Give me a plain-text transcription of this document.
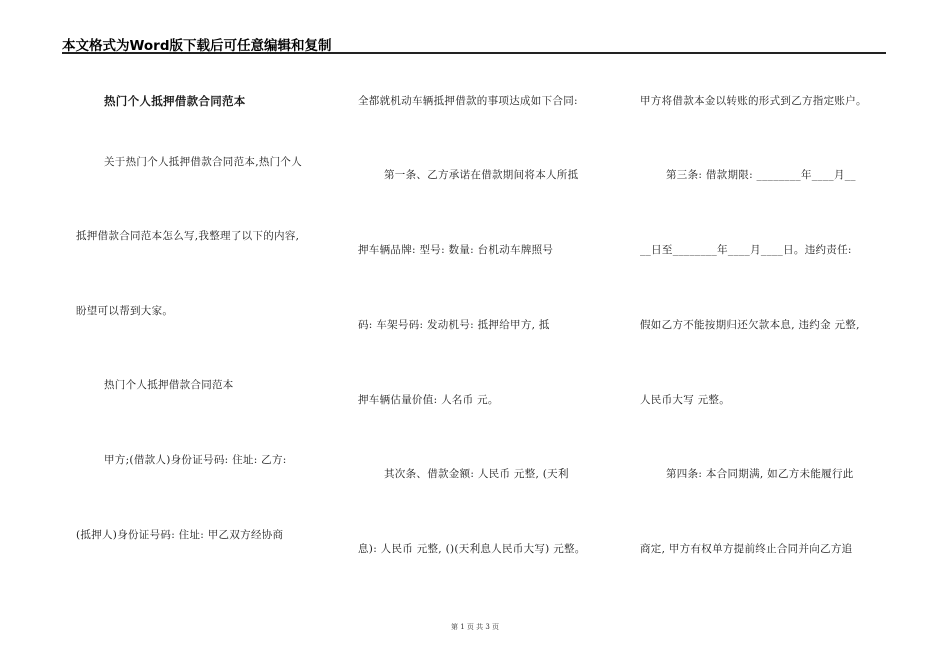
本文格式为Word版下载后可任意编辑和复制
热门个人抵押借款合同范本
关于热门个人抵押借款合同范本,热门个人
抵押借款合同范本怎么写,我整理了以下的内容,
盼望可以帮到大家。
热门个人抵押借款合同范本
甲方;(借款人)身份证号码: 住址: 乙方:
(抵押人)身份证号码: 住址: 甲乙双方经协商
全都就机动车辆抵押借款的事项达成如下合同:
第一条、乙方承诺在借款期间将本人所抵
押车辆品牌: 型号: 数量: 台机动车牌照号
码: 车架号码: 发动机号: 抵押给甲方, 抵
押车辆估量价值: 人名币 元。
其次条、借款金额: 人民币 元整, (天利
息): 人民币 元整, ()(天利息人民币大写) 元整。
甲方将借款本金以转账的形式到乙方指定账户。
第三条: 借款期限: ________年____月__
__日至________年____月____日。违约责任:
假如乙方不能按期归还欠款本息, 违约金 元整,
人民币大写 元整。
第四条: 本合同期满, 如乙方未能履行此
商定, 甲方有权单方提前终止合同并向乙方追
第 1 页 共 3 页
